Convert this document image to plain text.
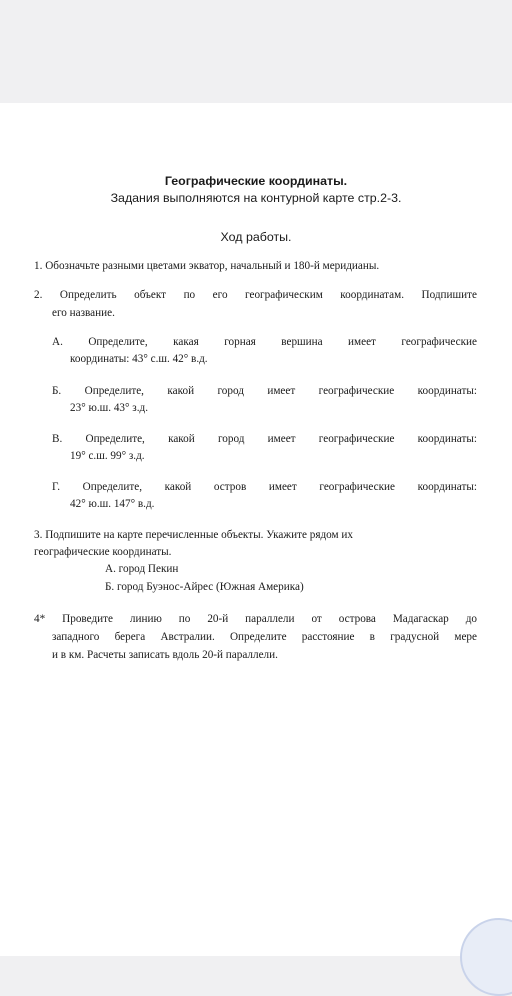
Географические координаты.
Задания выполняются на контурной карте стр.2-3.
Ход работы.
1. Обозначьте разными цветами экватор, начальный и 180-й меридианы.
2. Определить объект по его географическим координатам. Подпишите
его название.
А. Определите, какая горная вершина имеет географические
координаты: 43° с.ш. 42° в.д.
Б. Определите, какой город имеет географические координаты:
23° ю.ш. 43° з.д.
В. Определите, какой город имеет географические координаты:
19° с.ш. 99° з.д.
Г. Определите, какой остров имеет географические координаты:
42° ю.ш. 147° в.д.
3. Подпишите на карте перечисленные объекты. Укажите рядом их
географические координаты.
А. город Пекин
Б. город Буэнос-Айрес (Южная Америка)
4* Проведите линию по 20-й параллели от острова Мадагаскар до
западного берега Австралии. Определите расстояние в градусной мере
и в км. Расчеты записать вдоль 20-й параллели.
